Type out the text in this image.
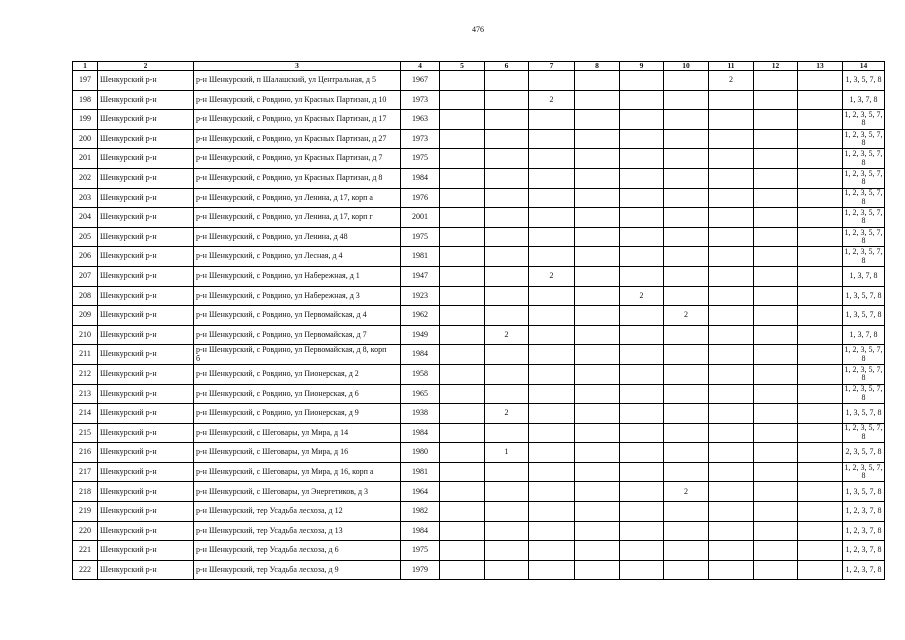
476
1	2	3	4	5	6	7	8	9	10	11	12	13	14
197	Шенкурский р-н	р-н Шенкурский, п Шалашский, ул Центральная, д 5	1967							2			1, 3, 5, 7, 8
198	Шенкурский р-н	р-н Шенкурский, с Ровдино, ул Красных Партизан, д 10	1973			2							1, 3, 7, 8
199	Шенкурский р-н	р-н Шенкурский, с Ровдино, ул Красных Партизан, д 17	1963										1, 2, 3, 5, 7, 8
200	Шенкурский р-н	р-н Шенкурский, с Ровдино, ул Красных Партизан, д 27	1973										1, 2, 3, 5, 7, 8
201	Шенкурский р-н	р-н Шенкурский, с Ровдино, ул Красных Партизан, д 7	1975										1, 2, 3, 5, 7, 8
202	Шенкурский р-н	р-н Шенкурский, с Ровдино, ул Красных Партизан, д 8	1984										1, 2, 3, 5, 7, 8
203	Шенкурский р-н	р-н Шенкурский, с Ровдино, ул Ленина, д 17, корп а	1976										1, 2, 3, 5, 7, 8
204	Шенкурский р-н	р-н Шенкурский, с Ровдино, ул Ленина, д 17, корп г	2001										1, 2, 3, 5, 7, 8
205	Шенкурский р-н	р-н Шенкурский, с Ровдино, ул Ленина, д 48	1975										1, 2, 3, 5, 7, 8
206	Шенкурский р-н	р-н Шенкурский, с Ровдино, ул Лесная, д 4	1981										1, 2, 3, 5, 7, 8
207	Шенкурский р-н	р-н Шенкурский, с Ровдино, ул Набережная, д 1	1947			2							1, 3, 7, 8
208	Шенкурский р-н	р-н Шенкурский, с Ровдино, ул Набережная, д 3	1923					2					1, 3, 5, 7, 8
209	Шенкурский р-н	р-н Шенкурский, с Ровдино, ул Первомайская, д 4	1962						2				1, 3, 5, 7, 8
210	Шенкурский р-н	р-н Шенкурский, с Ровдино, ул Первомайская, д 7	1949		2								1, 3, 7, 8
211	Шенкурский р-н	р-н Шенкурский, с Ровдино, ул Первомайская, д 8, корп б	1984										1, 2, 3, 5, 7, 8
212	Шенкурский р-н	р-н Шенкурский, с Ровдино, ул Пионерская, д 2	1958										1, 2, 3, 5, 7, 8
213	Шенкурский р-н	р-н Шенкурский, с Ровдино, ул Пионерская, д 6	1965										1, 2, 3, 5, 7, 8
214	Шенкурский р-н	р-н Шенкурский, с Ровдино, ул Пионерская, д 9	1938		2								1, 3, 5, 7, 8
215	Шенкурский р-н	р-н Шенкурский, с Шеговары, ул Мира, д 14	1984										1, 2, 3, 5, 7, 8
216	Шенкурский р-н	р-н Шенкурский, с Шеговары, ул Мира, д 16	1980		1								2, 3, 5, 7, 8
217	Шенкурский р-н	р-н Шенкурский, с Шеговары, ул Мира, д 16, корп а	1981										1, 2, 3, 5, 7, 8
218	Шенкурский р-н	р-н Шенкурский, с Шеговары, ул Энергетиков, д 3	1964						2				1, 3, 5, 7, 8
219	Шенкурский р-н	р-н Шенкурский, тер Усадьба лесхоза, д 12	1982										1, 2, 3, 7, 8
220	Шенкурский р-н	р-н Шенкурский, тер Усадьба лесхоза, д 13	1984										1, 2, 3, 7, 8
221	Шенкурский р-н	р-н Шенкурский, тер Усадьба лесхоза, д 6	1975										1, 2, 3, 7, 8
222	Шенкурский р-н	р-н Шенкурский, тер Усадьба лесхоза, д 9	1979										1, 2, 3, 7, 8
